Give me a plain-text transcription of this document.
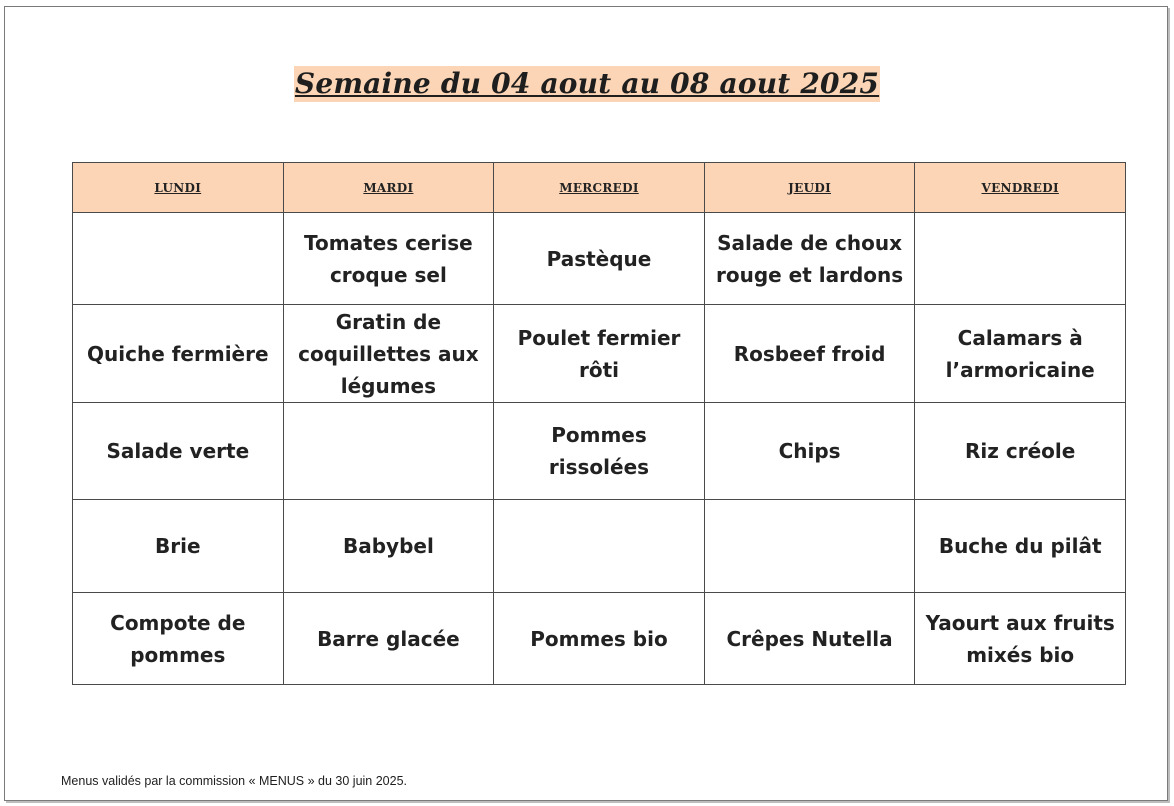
Semaine du 04 aout au 08 aout 2025
LUNDI	MARDI	MERCREDI	JEUDI	VENDREDI
	Tomates cerise croque sel	Pastèque	Salade de choux rouge et lardons	
Quiche fermière	Gratin de coquillettes aux légumes	Poulet fermier rôti	Rosbeef froid	Calamars à l’armoricaine
Salade verte		Pommes rissolées	Chips	Riz créole
Brie	Babybel			Buche du pilât
Compote de pommes	Barre glacée	Pommes bio	Crêpes Nutella	Yaourt aux fruits mixés bio
Menus validés par la commission « MENUS » du 30 juin 2025.
